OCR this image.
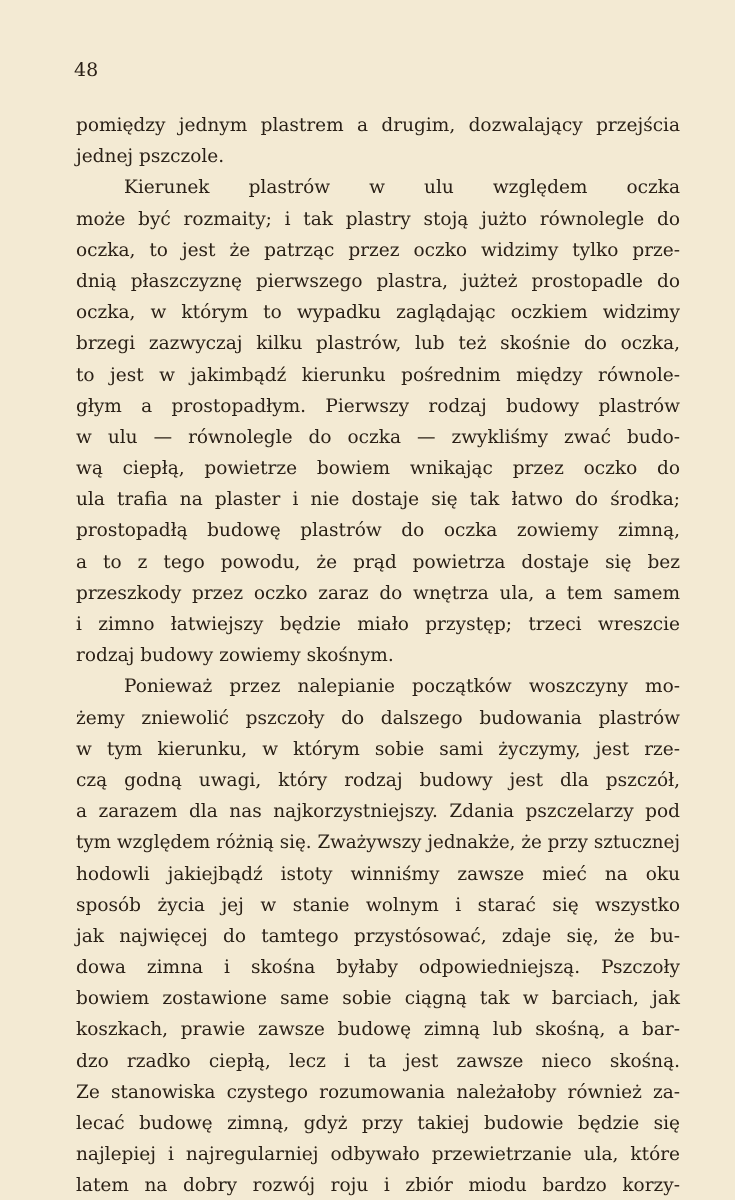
48
pomiędzy jednym plastrem a drugim, dozwalający przejścia
jednej pszczole.
Kierunek plastrów w ulu względem oczka
może być rozmaity; i tak plastry stoją jużto równolegle do
oczka, to jest że patrząc przez oczko widzimy tylko prze-
dnią płaszczyznę pierwszego plastra, jużteż prostopadle do
oczka, w którym to wypadku zaglądając oczkiem widzimy
brzegi zazwyczaj kilku plastrów, lub też skośnie do oczka,
to jest w jakimbądź kierunku pośrednim między równole-
głym a prostopadłym. Pierwszy rodzaj budowy plastrów
w ulu — równolegle do oczka — zwykliśmy zwać budo-
wą ciepłą, powietrze bowiem wnikając przez oczko do
ula trafia na plaster i nie dostaje się tak łatwo do środka;
prostopadłą budowę plastrów do oczka zowiemy zimną,
a to z tego powodu, że prąd powietrza dostaje się bez
przeszkody przez oczko zaraz do wnętrza ula, a tem samem
i zimno łatwiejszy będzie miało przystęp; trzeci wreszcie
rodzaj budowy zowiemy skośnym.
Ponieważ przez nalepianie początków woszczyny mo-
żemy zniewolić pszczoły do dalszego budowania plastrów
w tym kierunku, w którym sobie sami życzymy, jest rze-
czą godną uwagi, który rodzaj budowy jest dla pszczół,
a zarazem dla nas najkorzystniejszy. Zdania pszczelarzy pod
tym względem różnią się. Zważywszy jednakże, że przy sztucznej
hodowli jakiejbądź istoty winniśmy zawsze mieć na oku
sposób życia jej w stanie wolnym i starać się wszystko
jak najwięcej do tamtego przystósować, zdaje się, że bu-
dowa zimna i skośna byłaby odpowiedniejszą. Pszczoły
bowiem zostawione same sobie ciągną tak w barciach, jak
koszkach, prawie zawsze budowę zimną lub skośną, a bar-
dzo rzadko ciepłą, lecz i ta jest zawsze nieco skośną.
Ze stanowiska czystego rozumowania należałoby również za-
lecać budowę zimną, gdyż przy takiej budowie będzie się
najlepiej i najregularniej odbywało przewietrzanie ula, które
latem na dobry rozwój roju i zbiór miodu bardzo korzy-
